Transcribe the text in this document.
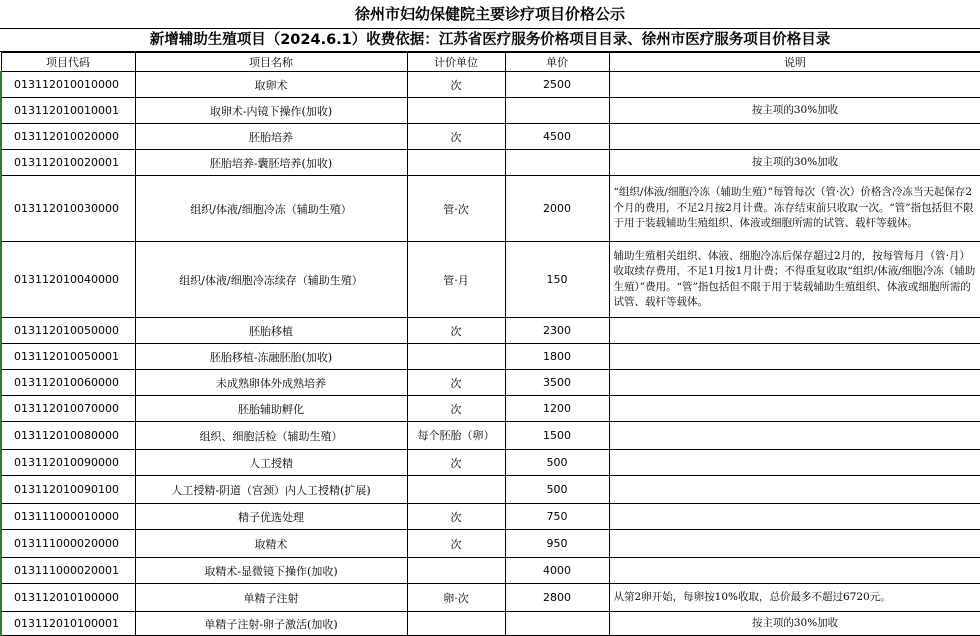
徐州市妇幼保健院主要诊疗项目价格公示
新增辅助生殖项目（2024.6.1）收费依据：江苏省医疗服务价格项目目录、徐州市医疗服务项目价格目录
项目代码	项目名称	计价单位	单价	说明
013112010010000	取卵术	次	2500	

013112010010001	取卵术-内镜下操作(加收)			按主项的30%加收

013112010020000	胚胎培养	次	4500	

013112010020001	胚胎培养-囊胚培养(加收)			按主项的30%加收

013112010030000	组织/体液/细胞冷冻（辅助生殖）	管·次	2000	“组织/体液/细胞冷冻（辅助生殖）”每管每次（管·次）价格含冷冻当天起保存2个月的费用，不足2月按2月计费。冻存结束前只收取一次。“管”指包括但不限于用于装载辅助生殖组织、体液或细胞所需的试管、载杆等载体。

013112010040000	组织/体液/细胞冷冻续存（辅助生殖）	管·月	150	辅助生殖相关组织、体液、细胞冷冻后保存超过2月的，按每管每月（管·月）收取续存费用，不足1月按1月计费；不得重复收取“组织/体液/细胞冷冻（辅助生殖）”费用。“管”指包括但不限于用于装载辅助生殖组织、体液或细胞所需的试管、载杆等载体。

013112010050000	胚胎移植	次	2300	

013112010050001	胚胎移植-冻融胚胎(加收)		1800	

013112010060000	未成熟卵体外成熟培养	次	3500	

013112010070000	胚胎辅助孵化	次	1200	

013112010080000	组织、细胞活检（辅助生殖）	每个胚胎（卵）	1500	

013112010090000	人工授精	次	500	

013112010090100	人工授精-阴道（宫颈）内人工授精(扩展)		500	

013111000010000	精子优选处理	次	750	

013111000020000	取精术	次	950	

013111000020001	取精术-显微镜下操作(加收)		4000	

013112010100000	单精子注射	卵·次	2800	从第2卵开始，每卵按10%收取，总价最多不超过6720元。

013112010100001	单精子注射-卵子激活(加收)			按主项的30%加收
